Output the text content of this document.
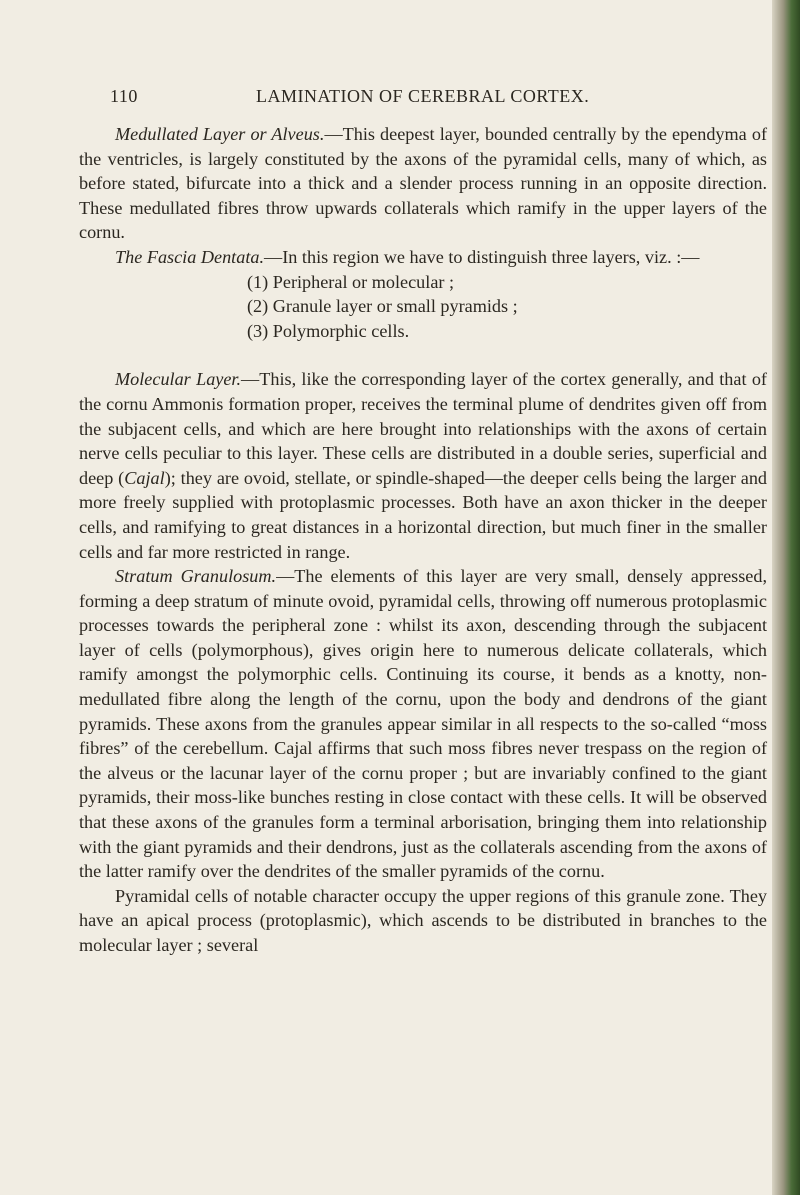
110	LAMINATION OF CEREBRAL CORTEX.

Medullated Layer or Alveus.—This deepest layer, bounded centrally by the ependyma of the ventricles, is largely constituted by the axons of the pyramidal cells, many of which, as before stated, bifurcate into a thick and a slender process running in an opposite direction. These medullated fibres throw upwards collaterals which ramify in the upper layers of the cornu.

The Fascia Dentata.—In this region we have to distinguish three layers, viz. :—

(1) Peripheral or molecular ;

(2) Granule layer or small pyramids ;

(3) Polymorphic cells.

Molecular Layer.—This, like the corresponding layer of the cortex generally, and that of the cornu Ammonis formation proper, receives the terminal plume of dendrites given off from the subjacent cells, and which are here brought into relationships with the axons of certain nerve cells peculiar to this layer. These cells are distributed in a double series, superficial and deep (Cajal); they are ovoid, stellate, or spindle-shaped—the deeper cells being the larger and more freely supplied with protoplasmic processes. Both have an axon thicker in the deeper cells, and ramifying to great distances in a horizontal direction, but much finer in the smaller cells and far more restricted in range.

Stratum Granulosum.—The elements of this layer are very small, densely appressed, forming a deep stratum of minute ovoid, pyramidal cells, throwing off numerous protoplasmic processes towards the peripheral zone : whilst its axon, descending through the subjacent layer of cells (polymorphous), gives origin here to numerous delicate collaterals, which ramify amongst the polymorphic cells. Continuing its course, it bends as a knotty, non-medullated fibre along the length of the cornu, upon the body and dendrons of the giant pyramids. These axons from the granules appear similar in all respects to the so-called “moss fibres” of the cerebellum. Cajal affirms that such moss fibres never trespass on the region of the alveus or the lacunar layer of the cornu proper ; but are invariably confined to the giant pyramids, their moss-like bunches resting in close contact with these cells. It will be observed that these axons of the granules form a terminal arborisation, bringing them into relationship with the giant pyramids and their dendrons, just as the collaterals ascending from the axons of the latter ramify over the dendrites of the smaller pyramids of the cornu.

Pyramidal cells of notable character occupy the upper regions of this granule zone. They have an apical process (protoplasmic), which ascends to be distributed in branches to the molecular layer ; several
